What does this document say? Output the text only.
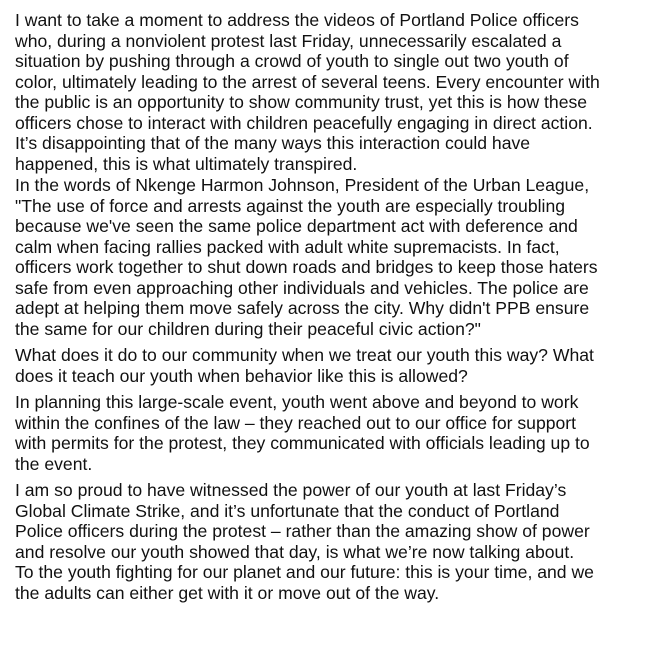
I want to take a moment to address the videos of Portland Police officers
who, during a nonviolent protest last Friday, unnecessarily escalated a
situation by pushing through a crowd of youth to single out two youth of
color, ultimately leading to the arrest of several teens. Every encounter with
the public is an opportunity to show community trust, yet this is how these
officers chose to interact with children peacefully engaging in direct action.
It’s disappointing that of the many ways this interaction could have
happened, this is what ultimately transpired.

In the words of Nkenge Harmon Johnson, President of the Urban League,
"The use of force and arrests against the youth are especially troubling
because we've seen the same police department act with deference and
calm when facing rallies packed with adult white supremacists. In fact,
officers work together to shut down roads and bridges to keep those haters
safe from even approaching other individuals and vehicles. The police are
adept at helping them move safely across the city. Why didn't PPB ensure
the same for our children during their peaceful civic action?"

What does it do to our community when we treat our youth this way? What
does it teach our youth when behavior like this is allowed?

In planning this large-scale event, youth went above and beyond to work
within the confines of the law – they reached out to our office for support
with permits for the protest, they communicated with officials leading up to
the event.

I am so proud to have witnessed the power of our youth at last Friday’s
Global Climate Strike, and it’s unfortunate that the conduct of Portland
Police officers during the protest – rather than the amazing show of power
and resolve our youth showed that day, is what we’re now talking about.
To the youth fighting for our planet and our future: this is your time, and we
the adults can either get with it or move out of the way.
